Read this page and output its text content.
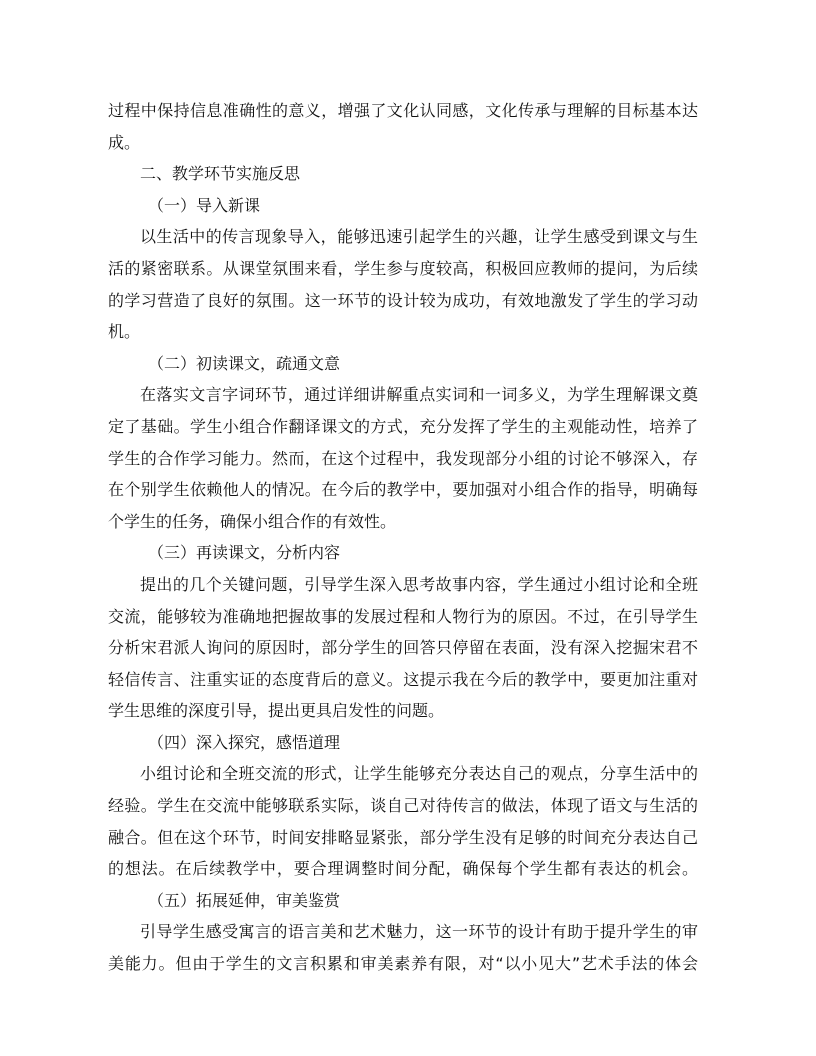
过程中保持信息准确性的意义，增强了文化认同感，文化传承与理解的目标基本达
成。
二、教学环节实施反思
（一）导入新课
以生活中的传言现象导入，能够迅速引起学生的兴趣，让学生感受到课文与生
活的紧密联系。从课堂氛围来看，学生参与度较高，积极回应教师的提问，为后续
的学习营造了良好的氛围。这一环节的设计较为成功，有效地激发了学生的学习动
机。
（二）初读课文，疏通文意
在落实文言字词环节，通过详细讲解重点实词和一词多义，为学生理解课文奠
定了基础。学生小组合作翻译课文的方式，充分发挥了学生的主观能动性，培养了
学生的合作学习能力。然而，在这个过程中，我发现部分小组的讨论不够深入，存
在个别学生依赖他人的情况。在今后的教学中，要加强对小组合作的指导，明确每
个学生的任务，确保小组合作的有效性。
（三）再读课文，分析内容
提出的几个关键问题，引导学生深入思考故事内容，学生通过小组讨论和全班
交流，能够较为准确地把握故事的发展过程和人物行为的原因。不过，在引导学生
分析宋君派人询问的原因时，部分学生的回答只停留在表面，没有深入挖掘宋君不
轻信传言、注重实证的态度背后的意义。这提示我在今后的教学中，要更加注重对
学生思维的深度引导，提出更具启发性的问题。
（四）深入探究，感悟道理
小组讨论和全班交流的形式，让学生能够充分表达自己的观点，分享生活中的
经验。学生在交流中能够联系实际，谈自己对待传言的做法，体现了语文与生活的
融合。但在这个环节，时间安排略显紧张，部分学生没有足够的时间充分表达自己
的想法。在后续教学中，要合理调整时间分配，确保每个学生都有表达的机会。
（五）拓展延伸，审美鉴赏
引导学生感受寓言的语言美和艺术魅力，这一环节的设计有助于提升学生的审
美能力。但由于学生的文言积累和审美素养有限，对“以小见大”艺术手法的体会
